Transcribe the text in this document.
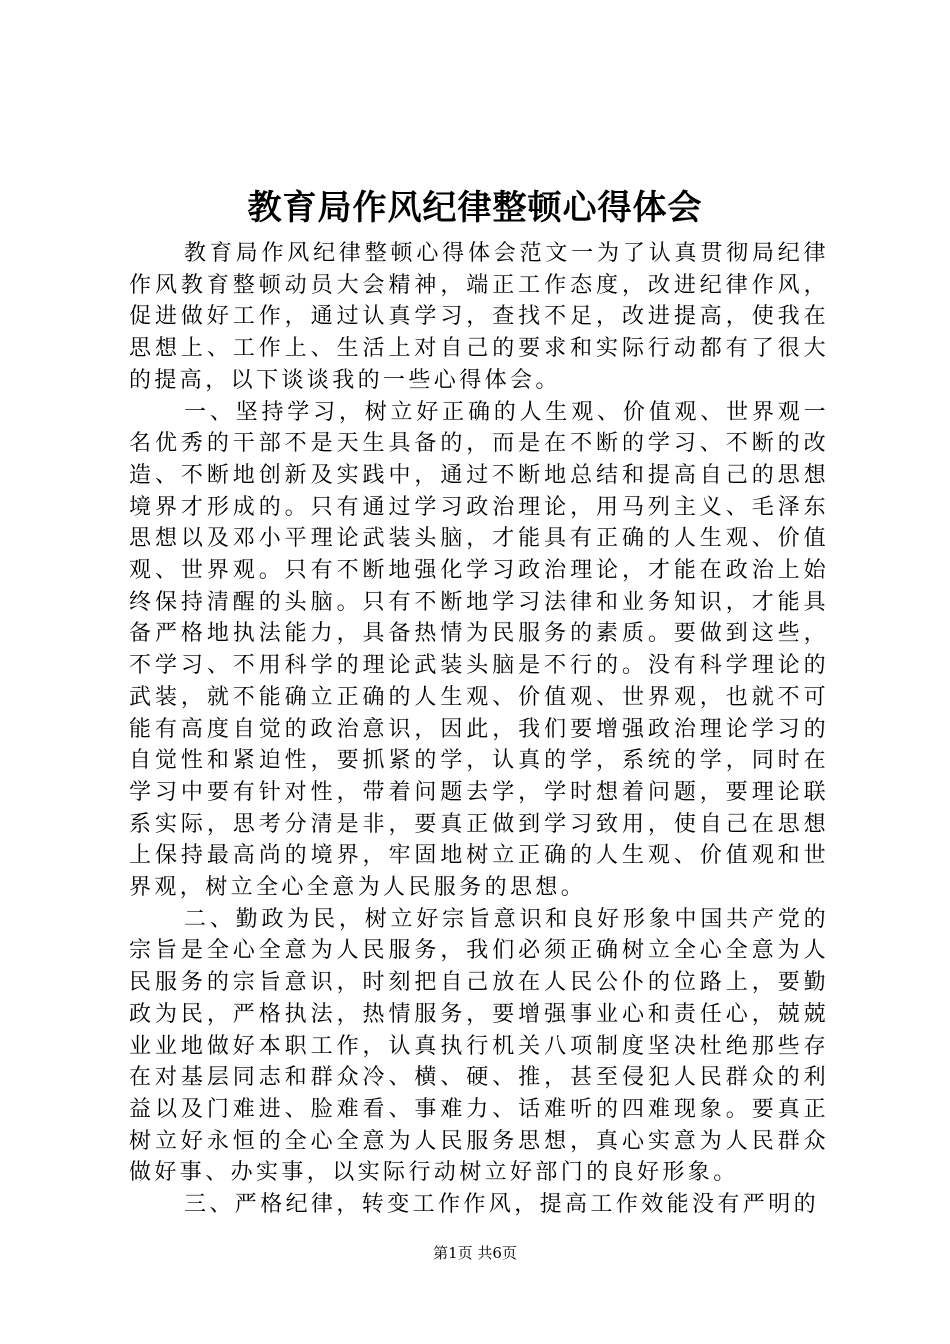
教育局作风纪律整顿心得体会

教育局作风纪律整顿心得体会范文一为了认真贯彻局纪律作风教育整顿动员大会精神，端正工作态度，改进纪律作风，促进做好工作，通过认真学习，查找不足，改进提高，使我在思想上、工作上、生活上对自己的要求和实际行动都有了很大的提高，以下谈谈我的一些心得体会。

一、坚持学习，树立好正确的人生观、价值观、世界观一名优秀的干部不是天生具备的，而是在不断的学习、不断的改造、不断地创新及实践中，通过不断地总结和提高自己的思想境界才形成的。只有通过学习政治理论，用马列主义、毛泽东思想以及邓小平理论武装头脑，才能具有正确的人生观、价值观、世界观。只有不断地强化学习政治理论，才能在政治上始终保持清醒的头脑。只有不断地学习法律和业务知识，才能具备严格地执法能力，具备热情为民服务的素质。要做到这些，不学习、不用科学的理论武装头脑是不行的。没有科学理论的武装，就不能确立正确的人生观、价值观、世界观，也就不可能有高度自觉的政治意识，因此，我们要增强政治理论学习的自觉性和紧迫性，要抓紧的学，认真的学，系统的学，同时在学习中要有针对性，带着问题去学，学时想着问题，要理论联系实际，思考分清是非，要真正做到学习致用，使自己在思想上保持最高尚的境界，牢固地树立正确的人生观、价值观和世界观，树立全心全意为人民服务的思想。

二、勤政为民，树立好宗旨意识和良好形象中国共产党的宗旨是全心全意为人民服务，我们必须正确树立全心全意为人民服务的宗旨意识，时刻把自己放在人民公仆的位路上，要勤政为民，严格执法，热情服务，要增强事业心和责任心，兢兢业业地做好本职工作，认真执行机关八项制度坚决杜绝那些存在对基层同志和群众冷、横、硬、推，甚至侵犯人民群众的利益以及门难进、脸难看、事难力、话难听的四难现象。要真正树立好永恒的全心全意为人民服务思想，真心实意为人民群众做好事、办实事，以实际行动树立好部门的良好形象。

三、严格纪律，转变工作作风，提高工作效能没有严明的

第1页 共6页
